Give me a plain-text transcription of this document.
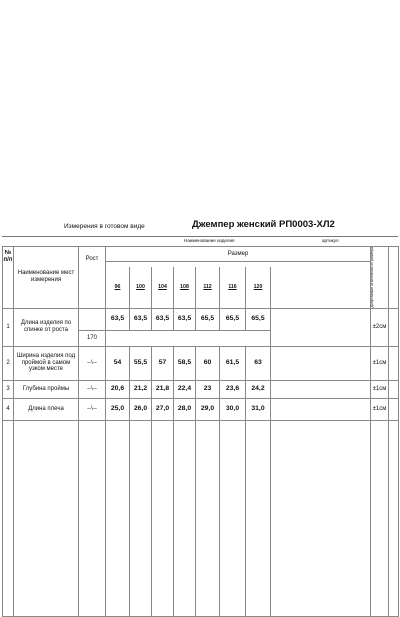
Измерения в готовом виде	Джемпер женский РП0003-ХЛ2
Наименование изделия	артикул
№ п/п	Наименование мест измерения	Рост	Размер								Допустимые отклонения от размера	

			96	100	104	108	112	116	120			
1	Длина изделия по спинке от роста		63,5	63,5	63,5	63,5	65,5	65,5	65,5		±2см	
		170										
2	Ширина изделия под проймой в самом узком месте	--\--	54	55,5	57	58,5	60	61,5	63		±1см	
3	Глубина проймы	--\--	20,6	21,2	21,8	22,4	23	23,6	24,2		±1см	
4	Длина плеча	--\--	25,0	26,0	27,0	28,0	29,0	30,0	31,0		±1см	
